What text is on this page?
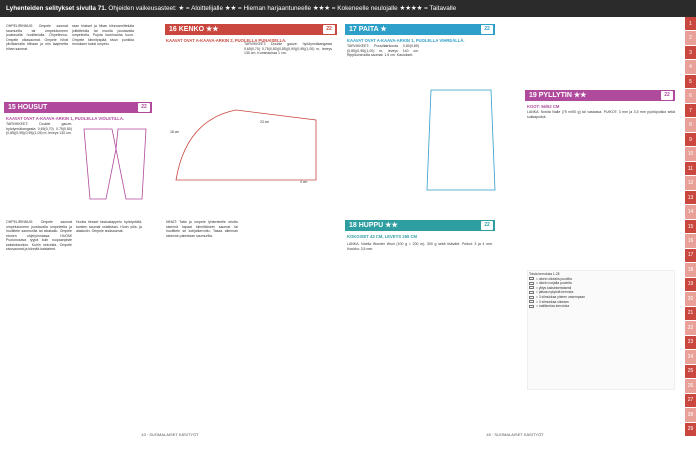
Lyhenteiden selitykset sivulla 71. Ohjeiden vaikeusasteet: ★ = Aloittelijalle ★★ = Hieman harjaantuneelle ★★★ = Kokeneelle neulojalle ★★★★ = Taitavalle
1
2
3
4
5
6
7
8
9
10
11
12
13
14
15
16
17
18
19
20
21
22
23
24
25
26
27
28
29

OHPELIRINNUS: Ompele saumat saumurilla tai ompelukoneen joustavalla huolittelulla. Ohpelinnus: Ompele olkasaumat. Ompele hihat ylivilkamalla hiihaan ja niin laajenetta hihan saumat.

raan hiukset ja hihan kiinnosmittelulla joitkittelulla tai muulla joustavalla ompeleella. Pujota kuminauha koon. Ompele kiinnityspää sivun punkkia rinnuksen kaksi ompelu.

15 HOUSUT	22
KAAVAT OVAT A-KAAVA-ARKIN 1, PUOLELLA VIOLETILLA.

TARVIKKEET: Double gauze: hyödynnäkangasta 0,65(0,70) 0,75(0,80)(0,85)(0,95)(0,95)(1,05) m, leveys 130 cm.

OHPELIRINNUS: Ompele saumat ompelukoneen joustavalla ompeleella ja huolittele saumurilla tai sikakallu. Ompele etunen ohjelyönnassa. HUOM! Puolunusava ryypä kuin ruupaanpiste kaksinkaunion. Kuhin sekuntia. Ompele sivusaumat ja kiinnitä kaistaleet.

Huolta tiesset taskuslappelu hyödyntätä, kanken saumat ostaliskan. Hurin ylös- ja alaskulin. Ompele sisäsaumat.

NIHAT: Taita ja ompele lyhtenteelle ohuttu sisennä tapaat kiinnittäneet saumat tai huolittele se kohjalkerrottu. Tasaa aliennan rakenne painetaan saumurilla.

16 KENKO ★★	22
KAAVAT OVAT A-KAAVA-ARKIN 2, PUOLELLA PUNAISELLA.

TARVIKKEET: Double gauze: hyödynnäkangasta 0,65(0,70) 0,75(0,80)(0,85)(0,90)(0,95)(1,00) m, leveys 130 cm. Kuminauhaa 1 cm.

18 cm
23 cm
4 cm
43 · SUOMALAISET KÄSITYÖT
17 PAITA ★	22
KAAVAT OVAT A-KAAVA-ARKIN 1, PUOLELLA VIHREÄLLÄ.

TARVIKKEET: Puuvillatrikoota 0,80(0,85)(0,85)(0,95)(1,00) m, leveys 140 cm. Rippikoneuolla saumat: 1,5 cm. Kaulukset.

18 HUPPU ★★	22
KOKOISET 43 CM, LEVEYS 255 CM

LANKA: Noella Wonder Wool (100 g = 200 m), 300 g sekä lisävärit. Puikot: 3 ja 4 mm. Koukku: 3,5 mm.

19 PYLLYTIN ★★	22
KOOT: 56/62 CM

LANKA: Novita Nalle (75 m/50 g) tai vastaava. PUIKOT: 3 mm ja 3,5 mm pyöröpuikko sekä sukkapuikot.

Toista kerroksia 1-28
= oikein oikealla puolella
= oikein nurjalta puolelta
= ylitys kaksinkertaisesti
= jatkaa nykyistä kerrosta
= 3 silmukkaa yhteen vasempaan
= 3 silmukkaa oikeaan
= mallikertaa kerroksia
45 · SUOMALAISET KÄSITYÖT
